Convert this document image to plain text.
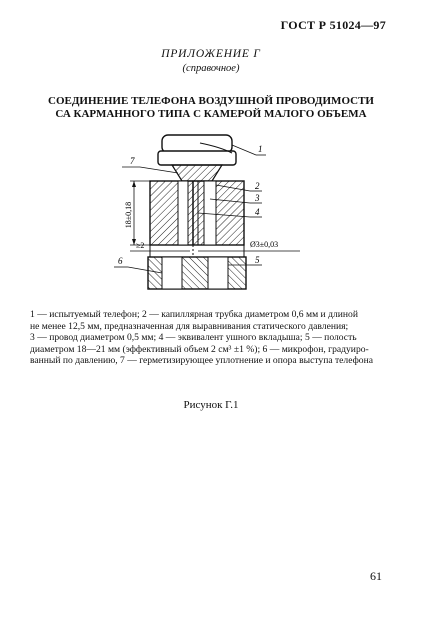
ГОСТ Р 51024—97
ПРИЛОЖЕНИЕ Г
(справочное)
СОЕДИНЕНИЕ ТЕЛЕФОНА ВОЗДУШНОЙ ПРОВОДИМОСТИ
СА КАРМАННОГО ТИПА С КАМЕРОЙ МАЛОГО ОБЪЕМА
18±0,18
≥2	Ø3±0,03
1
7
2
3
4
5
6
1 — испытуемый телефон; 2 — капиллярная трубка диаметром 0,6 мм и длиной
не менее 12,5 мм, предназначенная для выравнивания статического давления;
3 — провод диаметром 0,5 мм; 4 — эквивалент ушного вкладыша; 5 — полость
диаметром 18—21 мм (эффективный объем 2 см³ ±1 %); 6 — микрофон, градуиро-
ванный по давлению, 7 — герметизирующее уплотнение и опора выступа телефона
Рисунок Г.1
61
